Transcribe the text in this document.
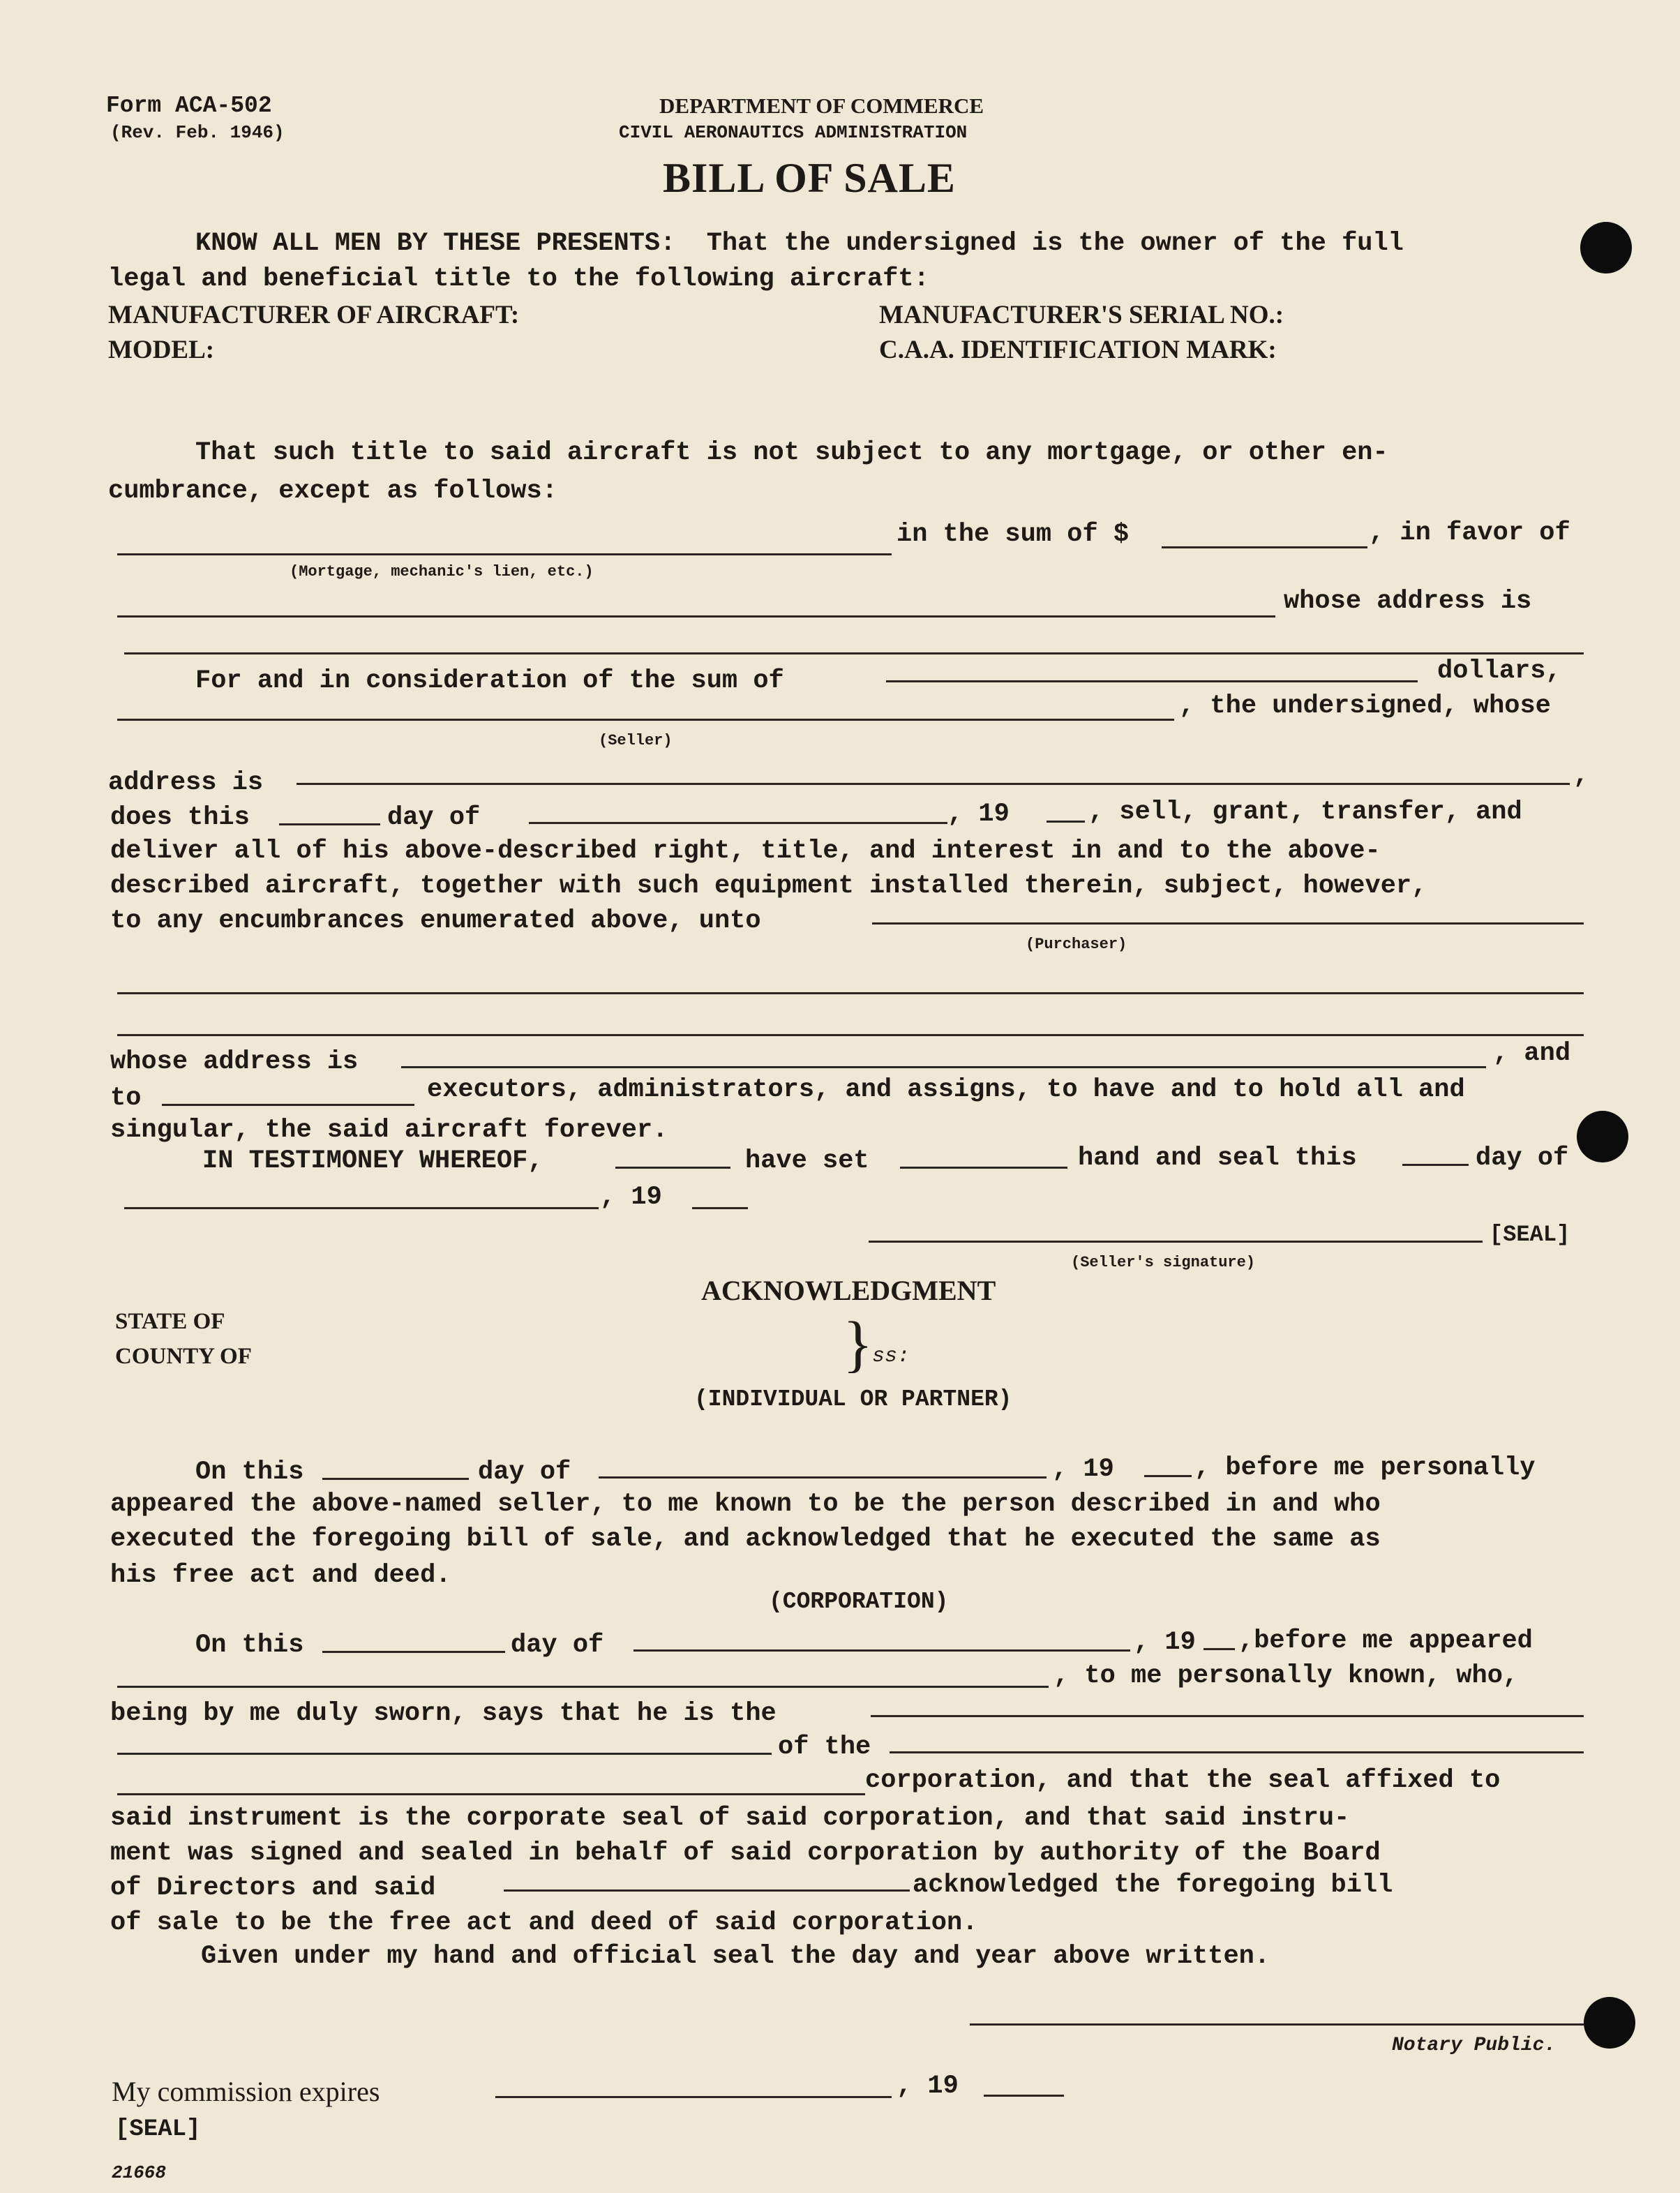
Form ACA-502
(Rev. Feb. 1946)
DEPARTMENT OF COMMERCE
CIVIL AERONAUTICS ADMINISTRATION
BILL OF SALE
KNOW ALL MEN BY THESE PRESENTS:  That the undersigned is the owner of the full
legal and beneficial title to the following aircraft:
MANUFACTURER OF AIRCRAFT:	MANUFACTURER'S SERIAL NO.:
MODEL:	C.A.A. IDENTIFICATION MARK:
That such title to said aircraft is not subject to any mortgage, or other en-
cumbrance, except as follows:
(Mortgage, mechanic's lien, etc.)
in the sum of $	, in favor of
whose address is
For and in consideration of the sum of	dollars,
, the undersigned, whose
(Seller)
address is	,
does this	day of	, 19	, sell, grant, transfer, and
deliver all of his above-described right, title, and interest in and to the above-
described aircraft, together with such equipment installed therein, subject, however,
to any encumbrances enumerated above, unto
(Purchaser)
whose address is	, and
to	executors, administrators, and assigns, to have and to hold all and
singular, the said aircraft forever.
IN TESTIMONEY WHEREOF,	have set	hand and seal this	day of
, 19
[SEAL]
(Seller's signature)
ACKNOWLEDGMENT
STATE OF
COUNTY OF	}
ss:
(INDIVIDUAL OR PARTNER)
On this	day of	, 19	, before me personally
appeared the above-named seller, to me known to be the person described in and who
executed the foregoing bill of sale, and acknowledged that he executed the same as
his free act and deed.
(CORPORATION)
On this	day of	, 19 ,before me appeared
, to me personally known, who,
being by me duly sworn, says that he is the
of the
corporation, and that the seal affixed to
said instrument is the corporate seal of said corporation, and that said instru-
ment was signed and sealed in behalf of said corporation by authority of the Board
of Directors and said	acknowledged the foregoing bill
of sale to be the free act and deed of said corporation.
Given under my hand and official seal the day and year above written.
Notary Public.
My commission expires	, 19
[SEAL]
21668
